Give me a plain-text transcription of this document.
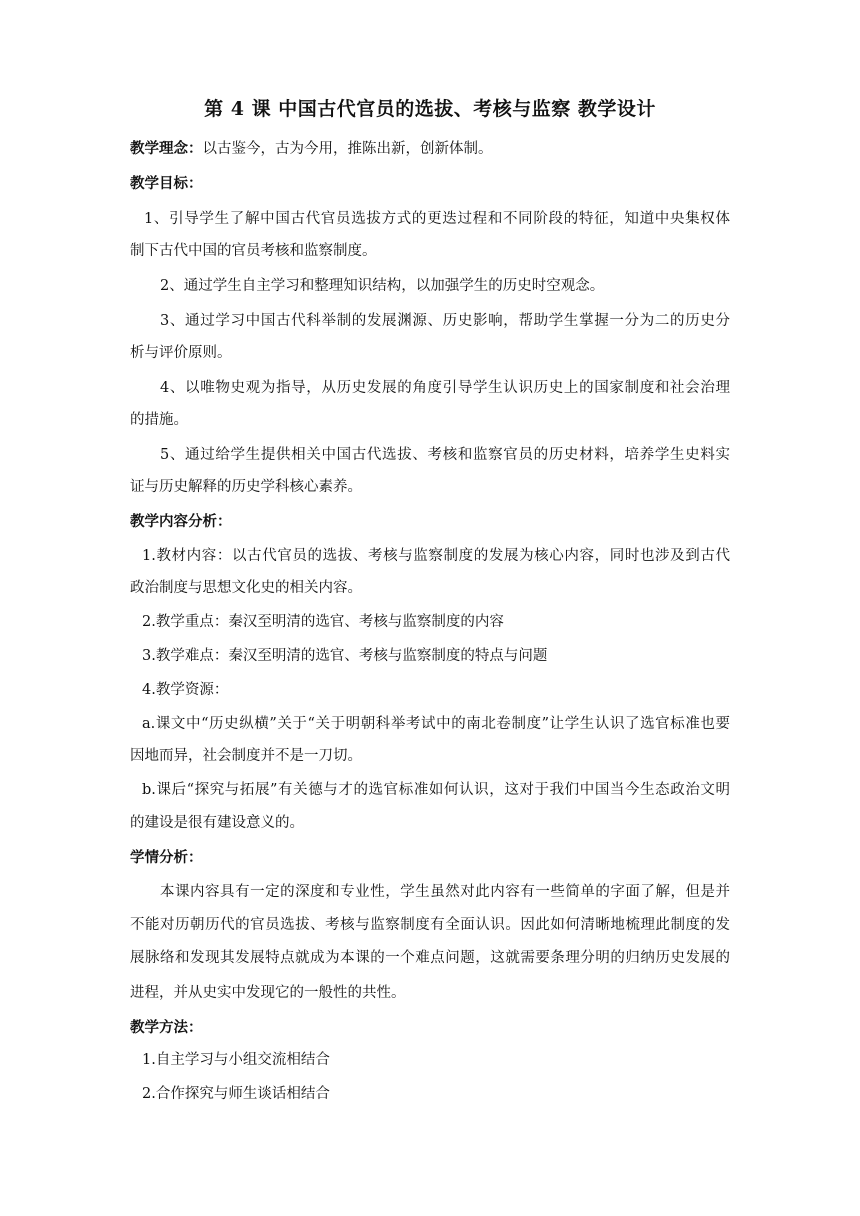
第 4 课 中国古代官员的选拔、考核与监察 教学设计
教学理念：以古鉴今，古为今用，推陈出新，创新体制。
教学目标：
1、引导学生了解中国古代官员选拔方式的更迭过程和不同阶段的特征，知道中央集权体
制下古代中国的官员考核和监察制度。
2、通过学生自主学习和整理知识结构，以加强学生的历史时空观念。
3、通过学习中国古代科举制的发展渊源、历史影响，帮助学生掌握一分为二的历史分
析与评价原则。
4、以唯物史观为指导，从历史发展的角度引导学生认识历史上的国家制度和社会治理
的措施。
5、通过给学生提供相关中国古代选拔、考核和监察官员的历史材料，培养学生史料实
证与历史解释的历史学科核心素养。
教学内容分析：
1.教材内容：以古代官员的选拔、考核与监察制度的发展为核心内容，同时也涉及到古代
政治制度与思想文化史的相关内容。
2.教学重点：秦汉至明清的选官、考核与监察制度的内容
3.教学难点：秦汉至明清的选官、考核与监察制度的特点与问题
4.教学资源：
a.课文中“历史纵横”关于“关于明朝科举考试中的南北卷制度”让学生认识了选官标准也要
因地而异，社会制度并不是一刀切。
b.课后“探究与拓展”有关德与才的选官标准如何认识，这对于我们中国当今生态政治文明
的建设是很有建设意义的。
学情分析：
本课内容具有一定的深度和专业性，学生虽然对此内容有一些简单的字面了解，但是并
不能对历朝历代的官员选拔、考核与监察制度有全面认识。因此如何清晰地梳理此制度的发
展脉络和发现其发展特点就成为本课的一个难点问题，这就需要条理分明的归纳历史发展的
进程，并从史实中发现它的一般性的共性。
教学方法：
1.自主学习与小组交流相结合
2.合作探究与师生谈话相结合
